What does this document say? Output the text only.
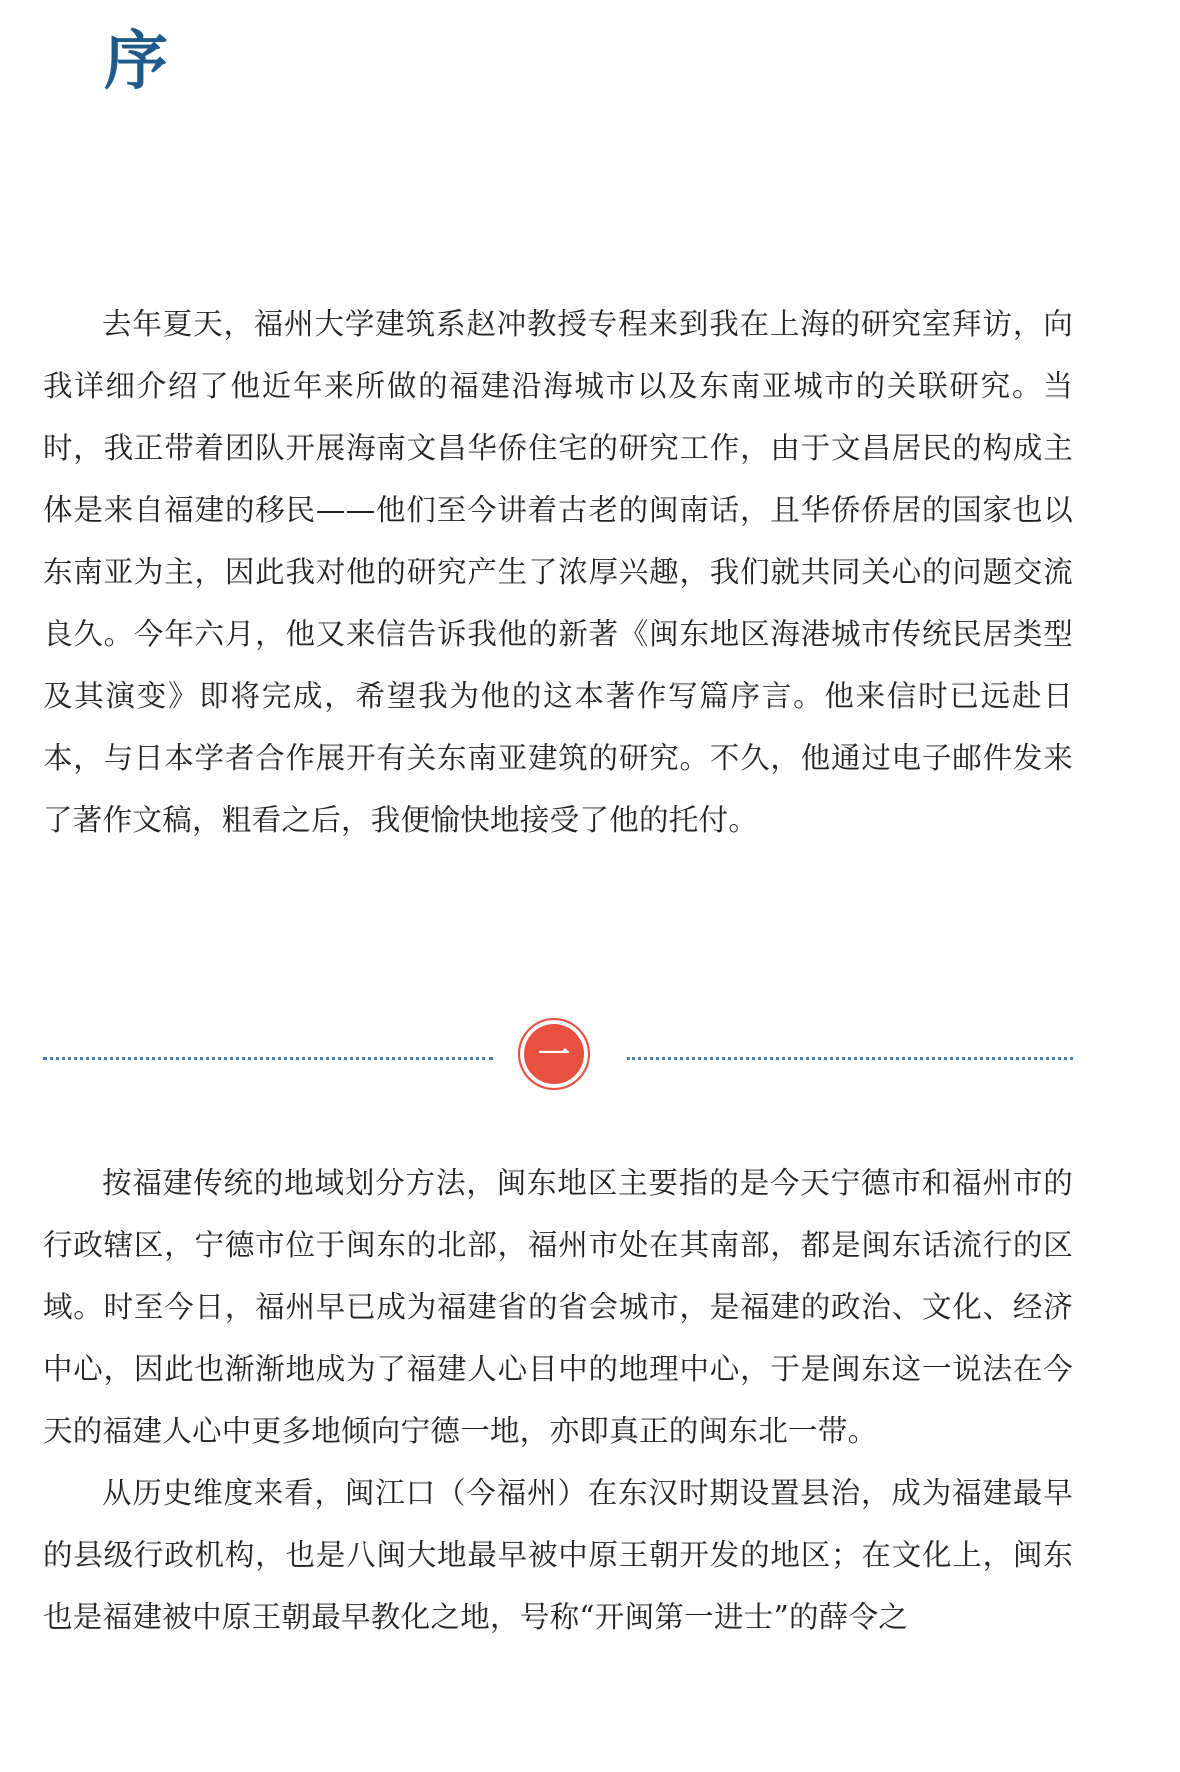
序

去年夏天，福州大学建筑系赵冲教授专程来到我在上海的研究室拜访，向我详细介绍了他近年来所做的福建沿海城市以及东南亚城市的关联研究。当时，我正带着团队开展海南文昌华侨住宅的研究工作，由于文昌居民的构成主体是来自福建的移民——他们至今讲着古老的闽南话，且华侨侨居的国家也以东南亚为主，因此我对他的研究产生了浓厚兴趣，我们就共同关心的问题交流良久。今年六月，他又来信告诉我他的新著《闽东地区海港城市传统民居类型及其演变》即将完成，希望我为他的这本著作写篇序言。他来信时已远赴日本，与日本学者合作展开有关东南亚建筑的研究。不久，他通过电子邮件发来了著作文稿，粗看之后，我便愉快地接受了他的托付。

一

按福建传统的地域划分方法，闽东地区主要指的是今天宁德市和福州市的行政辖区，宁德市位于闽东的北部，福州市处在其南部，都是闽东话流行的区域。时至今日，福州早已成为福建省的省会城市，是福建的政治、文化、经济中心，因此也渐渐地成为了福建人心目中的地理中心，于是闽东这一说法在今天的福建人心中更多地倾向宁德一地，亦即真正的闽东北一带。

从历史维度来看，闽江口（今福州）在东汉时期设置县治，成为福建最早的县级行政机构，也是八闽大地最早被中原王朝开发的地区；在文化上，闽东也是福建被中原王朝最早教化之地，号称“开闽第一进士”的薛令之
